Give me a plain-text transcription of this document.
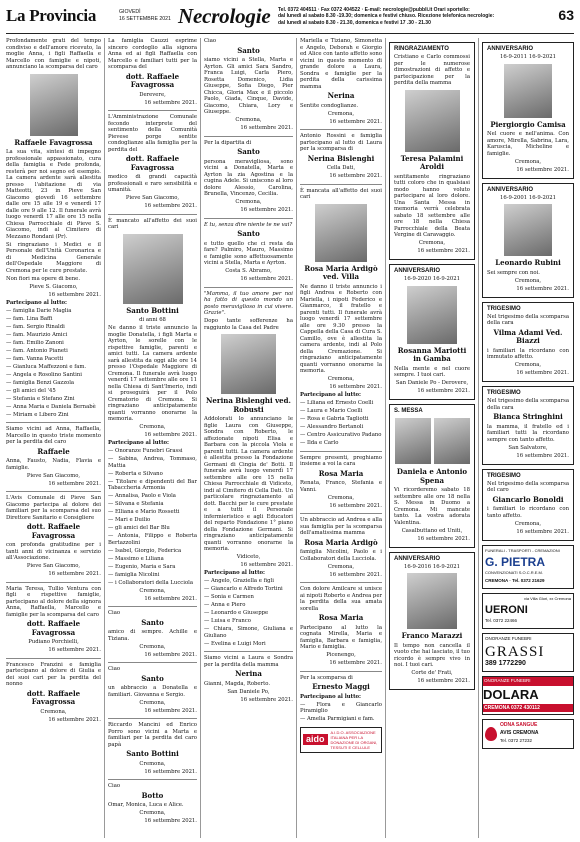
La Provincia	GIOVEDÌ
16 SETTEMBRE 2021 Necrologie Tel. 0372 404511 · Fax 0372 404522 · E-mail: necrologie@pubbli.it Orari sportello:
dal lunedì al sabato 8.30 -19.30; domenica e festivi chiuso. Ricezione telefonica necrologie:
dal lunedì al sabato 8.30 - 21.30, domenica e festivi 17 .30 - 21.30	63

Profondamente grati del tempo condiviso e dell'amore ricevuto, la moglie Anna, i figli Raffaella e Marcello con famiglie e nipoti, annunciano la scomparsa del caro

Raffaele Favagrossa

La sua vita, sintesi di impegno professionale appassionato, cura della famiglia e Fede profonda, resterà per noi segno ed esempio. La camera ardente sarà allestita presso l'abitazione di via Matteotti, 23 in Pieve San Giacomo giovedì 16 settembre dalle ore 15 alle 19 e venerdì 17 dalle ore 9 alle 12. Il funerale avrà luogo venerdì 17 alle ore 15 nella Chiesa Parrocchiale di Pieve S. Giacomo, indi al Cimitero di Mezzano Rondani (Pr).

Si ringraziano i Medici e il Personale dell'Unità Coronarica e di Medicina Generale dell'Ospedale Maggiore di Cremona per le cure prestate.

Non fiori ma opere di bene.

Pieve S. Giacomo,

16 settembre 2021.

Partecipano al lutto:

— famiglia Darie Maglia

— fam. Lina Baffi

— fam. Sergio Rinaldi

— fam. Maurizio Amici

— fam. Emilio Zanoni

— fam. Antonio Pianeti

— fam. Vanna Pacetti

— Gianluca Maffezzoni e fam.

— Angela e Rosolino Santini

— famiglia Benzi Gazzola

— gli amici del '45

— Stefania e Stefano Zini

— Anna Maria e Daniela Bernabè

— Miriam e Libero Zini

Siamo vicini ad Anna, Raffaella, Marcello in questo triste momento per la perdita del caro

Raffaele

Anna, Fausto, Nadia, Flavia e famiglie.

Pieve San Giacomo,

16 settembre 2021.

L'Avis Comunale di Pieve San Giacomo partecipa al dolore dei familiari per la scomparsa del suo Direttore Sanitario e Consigliere

dott. Raffaele Favagrossa

con profonda gratitudine per i tanti anni di vicinanza e servizio all'Associazione.

Pieve San Giacomo,

16 settembre 2021.

Maria Teresa, Tullio Ventura con figli e rispettive famiglie, partecipano al dolore della signora Anna, Raffaella, Marcello e famiglie per la scomparsa del caro

dott. Raffaele Favagrossa

Pudiano Porchielli,

16 settembre 2021.

Francesco Franzini e famiglia partecipano al dolore di Giulia e dei suoi cari per la perdita del nonno

dott. Raffaele Favagrossa

Cremona,

16 settembre 2021.

La famiglia Cauzzi esprime sincero cordoglio alla signora Anna ed ai figli Raffaella con Marcello e familiari tutti per la scomparsa del

dott. Raffaele Favagrossa

Derevere,

16 settembre 2021.

L'Amministrazione Comunale fecondo interprete del sentimento della Comunità Pievese porge sentite condoglianze alla famiglia per la perdita del

dott. Raffaele Favagrossa

medico di grandi capacità professionali e raro sensibilità e umanità.

Pieve San Giacomo,

16 settembre 2021.

È mancato all'affetto dei suoi cari

Santo Bottini

di anni 68

Ne danno il triste annuncio la moglie Donatella, i figli Marta e Ayrton, le sorelle con le rispettive famiglie, parenti e amici tutti. La camera ardente sarà allestita da oggi alle ore 14 presso l'Ospedale Maggiore di Cremona. Il funerale avrà luogo venerdì 17 settembre alle ore 11 nella Chiesa di Sant'Imerio, indi si proseguirà per il Polo Crematorio di Cremona. Si ringraziano anticipatamente quanti vorranno onorarne la memoria.

Cremona,

16 settembre 2021.

Partecipano al lutto:

— Onoranze Funebri Grassi

— Sabina, Andrea, Tommaso, Mattia

— Roberta e Silvano

— Titolare e dipendenti del Bar Tabaccheria Armonia

— Annalisa, Paolo e Viola

— Silvana e Stefania

— Elliana e Mario Rossetti

— Mari e Duilio

— gli amici del Bar Blu

— Antonia, Filippo e Roberta Bertazzolini

— Isabel, Giorgio, Federica

— Massimo e Liliana

— Eugenio, Maria e Sara

— famiglia Nicolini

— i Collaboratori della Lucciola

Cremona,

16 settembre 2021.

Ciao

Santo

amico di sempre. Achille e Tiziana.

Cremona,

16 settembre 2021.

Ciao

Santo

un abbraccio a Donatella e familiari. Giovanna e Sergio.

Cremona,

16 settembre 2021.

Riccardo Mancini ed Enrico Porro sono vicini a Marta e familiari per la perdita del caro papà

Santo Bottini

Cremona,

16 settembre 2021.

Ciao

Botto

Omar, Monica, Luca e Alice.

Cremona,

16 settembre 2021.

Ciao

Santo

siamo vicini a Stella, Marta e Ayrton. Gli amici Sara Sandro, Franca Luigi, Carla Piero, Rosetta Domenico, Lidia Giuseppe, Sofia Diego, Pier Chicca, Gloria Max e il piccolo Paolo, Giada, Cinque, Davide, Giacomo, Chiara, Lory e Giuseppe.

Cremona,

16 settembre 2021.

Per la dipartita di

Santo

persona meravigliosa, sono vicini a Donatella, Marta e Ayrton la zia Agostina e la cugina Adele. Si uniscono al loro dolore Alessio, Carolina, Brunella, Vincenzo, Cecilia.

Cremona,

16 settembre 2021.

E tu, senza dire niente te ne vai?

Santo

e tutto quello che ci resta da fare? Palmiro, Mauro, Massimo e famiglie sono affettuosamente vicini a Stella, Marta e Ayrton.

Costa S. Abramo,

16 settembre 2021.

"Mamma, il tuo amore per noi ha fatto di questo mondo un posto meraviglioso in cui vivere. Grazie".

Dopo tante sofferenze ha raggiunto la Casa del Padre

Nerina Bislenghi ved. Robusti

Addolorati lo annunciano le figlie Laura con Giuseppe, Sondra con Roberto, le affezionate nipoti Elisa e Barbara con la piccola Viola e parenti tutti. La camera ardente è allestita presso la Fondazione Germani di Cingia de' Botti. Il funerale avrà luogo venerdì 17 settembre alle ore 15 nella Chiesa Parrocchiale di Vidiceto, indi al Cimitero di Cella Dati. Un particolare ringraziamento al dott. Bacchi per le cure prestate e a tutti il Personale infermieristico e agli Educatori del reparto Fondazione 1° piano della Fondazione Germani. Si ringraziano anticipatamente quanti vorranno onorarne la memoria.

Vidiceto,

16 settembre 2021.

Partecipano al lutto:

— Angelo, Graziella e figli

— Giancarlo e Alfredo Tortini

— Sonia e Carmen

— Anna e Piero

— Leonardo e Giuseppe

— Luisa e Franco

— Chiara, Simone, Giuliana e Giuliano

— Evelina e Luigi Mori

Siamo vicini a Laura e Sondra per la perdita della mamma

Nerina

Gianni, Magda, Roberto.

San Daniele Po,

16 settembre 2021.

Mariella e Tiziano, Simonetta e Angelo, Deborah e Giorgio ed Alice con tanto affetto sono vicini in questo momento di grande dolore a Laura, Sondra e famiglie per la perdita della carissima mamma

Nerina

Sentite condoglianze.

Cremona,

16 settembre 2021.

Antonio Rossini e famiglia partecipano al lutto di Laura per la scomparsa di

Nerina Bislenghi

Cella Dati,

16 settembre 2021.

È mancata all'affetto dei suoi cari

Rosa Maria Ardigò ved. Villa

Ne danno il triste annuncio i figli Andrea e Roberto con Mariella, i nipoti Federico e Gianmarco, il fratello e parenti tutti. Il funerale avrà luogo venerdì 17 settembre alle ore 9.30 presso la Cappella della Casa di Cura S. Camillo, ove è allestita la camera ardente, indi al Polo della Cremazione. Si ringraziano anticipatamente quanti vorranno onorarne la memoria.

Cremona,

16 settembre 2021.

Partecipano al lutto:

— Liliana ed Ernesto Coelli

— Laura e Mario Coelli

— Rosa e Gabria Tagliotti

— Alessandro Bertanoli

— Centro Assicurativo Padano

— Ilda e Carlo

Sempre presenti, preghiamo insieme a voi la cara

Rosa Maria

Renata, Franco, Stefania e Vanni.

Cremona,

16 settembre 2021.

Un abbraccio ad Andrea e alla sua famiglia per la scomparsa dell'amatissima mamma

Rosa Maria Ardigò

famiglia Nicolini, Paolo e i Collaboratori della Lucciola.

Cremona,

16 settembre 2021.

Con dolore Amilcare si unisce ai nipoti Roberto e Andrea per la perdita della sua amata sorella

Rosa Maria

Partecipano al lutto la cognata Mirella, Maria e famiglia, Barbara e famiglia, Mario e famiglia.

Picenengo,

16 settembre 2021.

Per la scomparsa di

Ernesto Maggi

Partecipano al lutto:

— Flora e Giancarlo Piramiglio

— Amelia Parmigiani e fam.

aido
A.I.D.O. ASSOCIAZIONE ITALIANA PER LA DONAZIONE DI ORGANI, TESSUTI E CELLULE

RINGRAZIAMENTO

Cristiano e Carlo commossi per le numerose dimostrazioni di affetto e partecipazione per la perdita della mamma

Teresa Palamini Aroldi

sentitamente ringraziano tutti coloro che in qualsiasi modo hanno voluto partecipare al loro dolore. Una Santa Messa in memoria verrà celebrata sabato 18 settembre alle ore 18 nella Chiesa Parrocchiale della Beata Vergine di Caravaggio.

Cremona,

16 settembre 2021.

ANNIVERSARIO

16-9-2020 16-9-2021

Rosanna Mariotti in Gamba

Nella mente e nel cuore sempre. I tuoi cari.

San Daniele Po - Derovere,

16 settembre 2021.

S. MESSA

Daniela e Antonio Spena

Vi ricorderemo sabato 18 settembre alle ore 18 nella S. Messa in Duomo a Cremona. Mi mancate tanto. La vostra adorata Valentina.

Casalbuttano ed Uniti,

16 settembre 2021.

ANNIVERSARIO

16-9-2016 16-9-2021

Franco Marazzi

Il tempo non cancella il vuoto che hai lasciato, il tuo ricordo è sempre vivo in noi. I tuoi cari.

Corte de' Frati,

16 settembre 2021.

ANNIVERSARIO

16-9-2011 16-9-2021

Piergiorgio Camisa

Nel cuore e nell'anima. Con amore, Mirella, Sabrina, Lara, Karuscia, Micheline e famiglie.

Cremona,

16 settembre 2021.

ANNIVERSARIO

16-9-2001 16-9-2021

Leonardo Rubini

Sei sempre con noi.

Cremona,

16 settembre 2021.

TRIGESIMO

Nel trigesimo della scomparsa della cara

Vilma Adami Ved. Biazzi

i familiari la ricordano con immutato affetto.

Cremona,

16 settembre 2021.

TRIGESIMO

Nel trigesimo della scomparsa della cara

Bianca Stringhini

la mamma, il fratello ed i familiari tutti la ricordano sempre con tanto affetto.

San Salvatore,

16 settembre 2021.

TRIGESIMO

Nel trigesimo della scomparsa del caro

Giancarlo Bonoldi

i familiari lo ricordano con tanto affetto.

Cremona,

16 settembre 2021.

FUNERALI - TRASPORTI - CREMAZIONI

G. PIETRA

CONVENZIONATI S.O.C.R.E.M.

CREMONA · Tel. 0372 21629

via Villa Glori, xx Cremona

UERONI

Tel. 0372 22466

ONORANZE FUNEBRI

GRASSI

389 1772290

ONORANZE FUNEBRI

DOLARA

CREMONA 0372 430112

ODNA SANGUE

AVIS CREMONA

Tel. 0372 27232
